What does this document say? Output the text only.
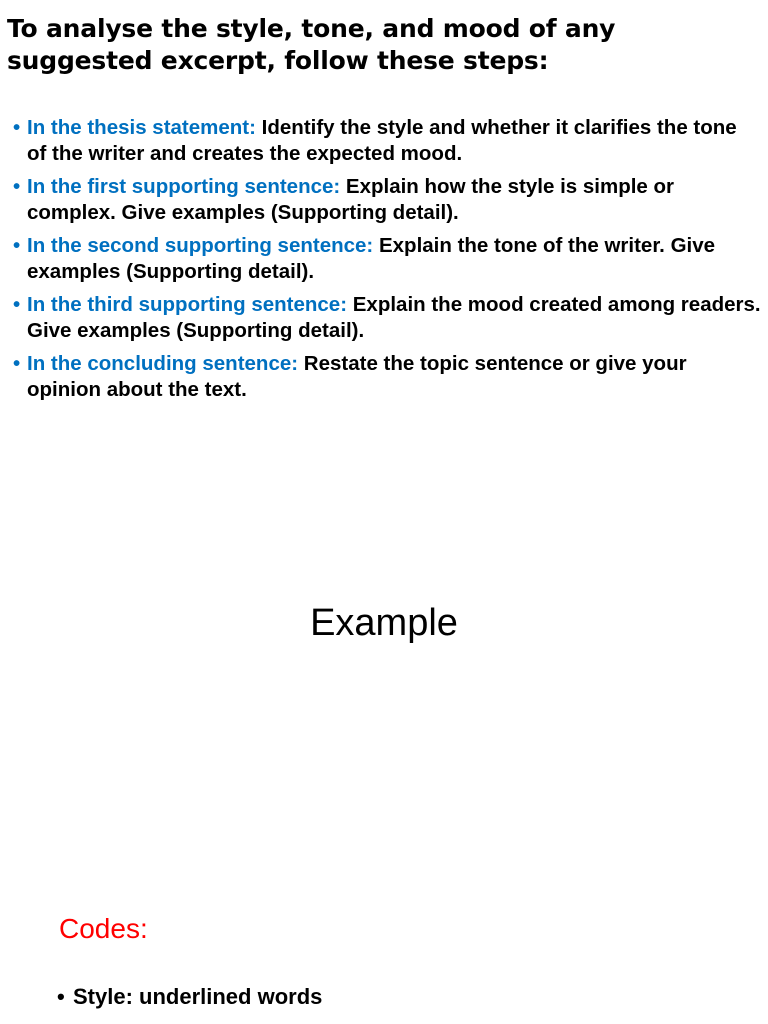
To analyse the style, tone, and mood of any suggested excerpt, follow these steps:
• In the thesis statement: Identify the style and whether it clarifies the tone of the writer and creates the expected mood.
• In the first supporting sentence: Explain how the style is simple or complex. Give examples (Supporting detail).
• In the second supporting sentence: Explain the tone of the writer. Give examples (Supporting detail).
• In the third supporting sentence: Explain the mood created among readers. Give examples (Supporting detail).
• In the concluding sentence: Restate the topic sentence or give your opinion about the text.
Example
Codes:
• Style: underlined words
